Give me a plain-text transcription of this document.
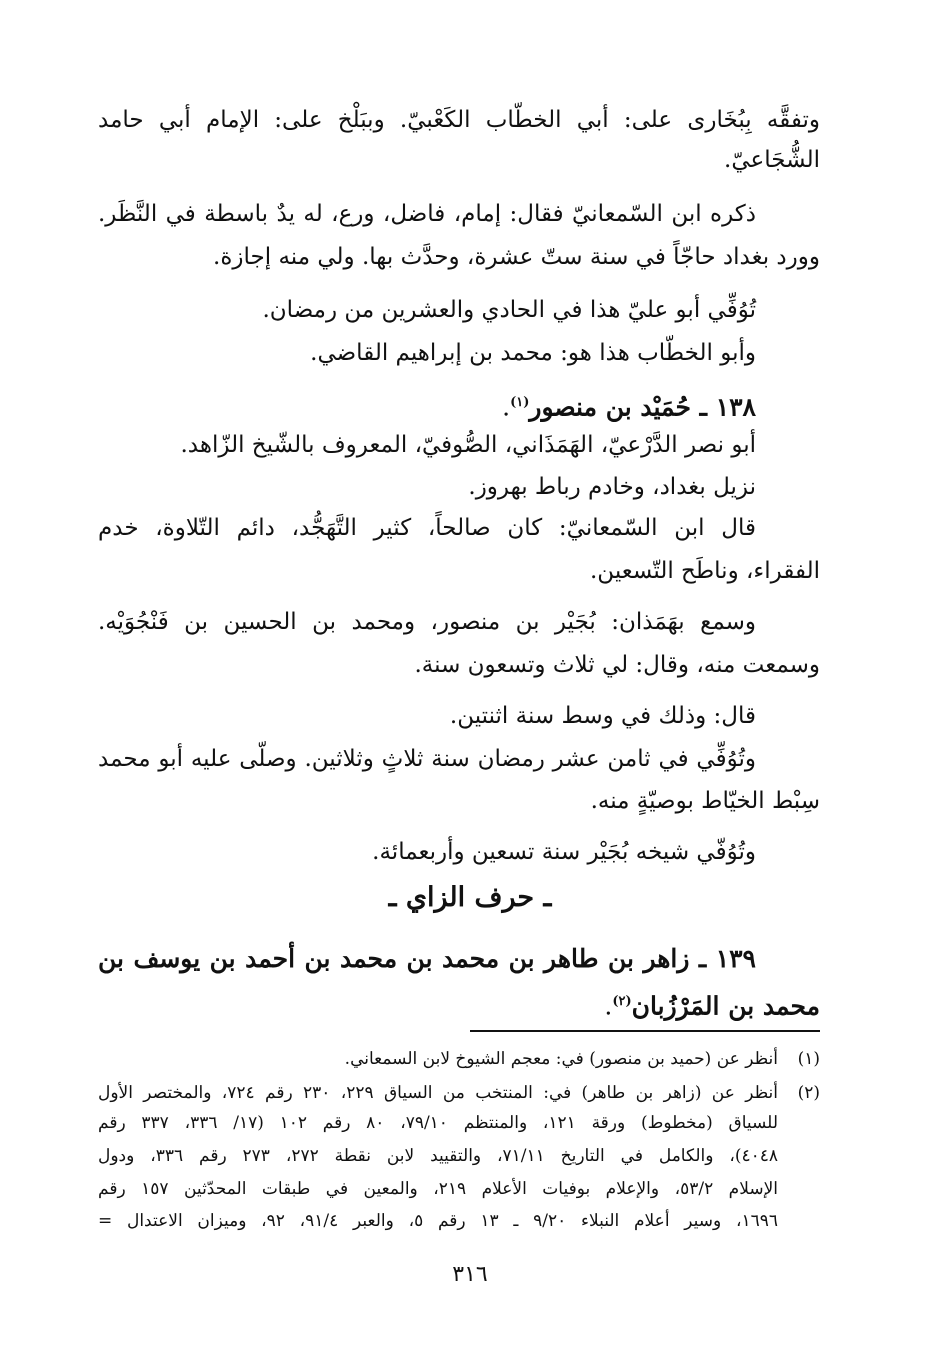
وتفقَّه بِبُخَارى على: أبي الخطّاب الكَعْبيّ. وببَلْخ على: الإمام أبي حامد
الشُّجَاعيّ.
ذكره ابن السّمعانيّ فقال: إمام، فاضل، ورع، له يدٌ باسطة في النَّظَر.
وورد بغداد حاجّاً في سنة ستّ عشرة، وحدَّث بها. ولي منه إجازة.
تُوُفِّي أبو عليّ هذا في الحادي والعشرين من رمضان.
وأبو الخطّاب هذا هو: محمد بن إبراهيم القاضي.
١٣٨ ـ حُمَيْد بن منصور$^{(١)}$.
أبو نصر الدَّرْعيّ، الهَمَذَاني، الصُّوفيّ، المعروف بالشّيخ الزّاهد.
نزيل بغداد، وخادم رباط بهروز.
قال ابن السّمعانيّ: كان صالحاً، كثير التَّهَجُّد، دائم التّلاوة، خدم
الفقراء، وناطَح التّسعين.
وسمع بهَمَذان: بُجَيْر بن منصور، ومحمد بن الحسين بن فَنْجُوَيْه.
وسمعت منه، وقال: لي ثلاث وتسعون سنة.
قال: وذلك في وسط سنة اثنتين.
وتُوُفِّي في ثامن عشر رمضان سنة ثلاثٍ وثلاثين. وصلّى عليه أبو محمد
سِبْط الخيّاط بوصيّةٍ منه.
وتُوُفّي شيخه بُجَيْر سنة تسعين وأربعمائة.
ـ حرف الزاي ـ
١٣٩ ـ زاهر بن طاهر بن محمد بن محمد بن أحمد بن يوسف بن
محمد بن المَرْزُبان$^{(٢)}$.
(١)
أنظر عن (حميد بن منصور) في: معجم الشيوخ لابن السمعاني.
(٢)
أنظر عن (زاهر بن طاهر) في: المنتخب من السياق ٢٢٩، ٢٣٠ رقم ٧٢٤، والمختصر الأول
للسياق (مخطوط) ورقة ١٢١، والمنتظم ٧٩/١٠، ٨٠ رقم ١٠٢ (١٧/ ٣٣٦، ٣٣٧ رقم
٤٠٤٨)، والكامل في التاريخ ٧١/١١، والتقييد لابن نقطة ٢٧٢، ٢٧٣ رقم ٣٣٦، ودول
الإسلام ٥٣/٢، والإعلام بوفيات الأعلام ٢١٩، والمعين في طبقات المحدّثين ١٥٧ رقم
١٦٩٦، وسير أعلام النبلاء ٩/٢٠ ـ ١٣ رقم ٥، والعبر ٩١/٤، ٩٢، وميزان الاعتدال =
٣١٦
